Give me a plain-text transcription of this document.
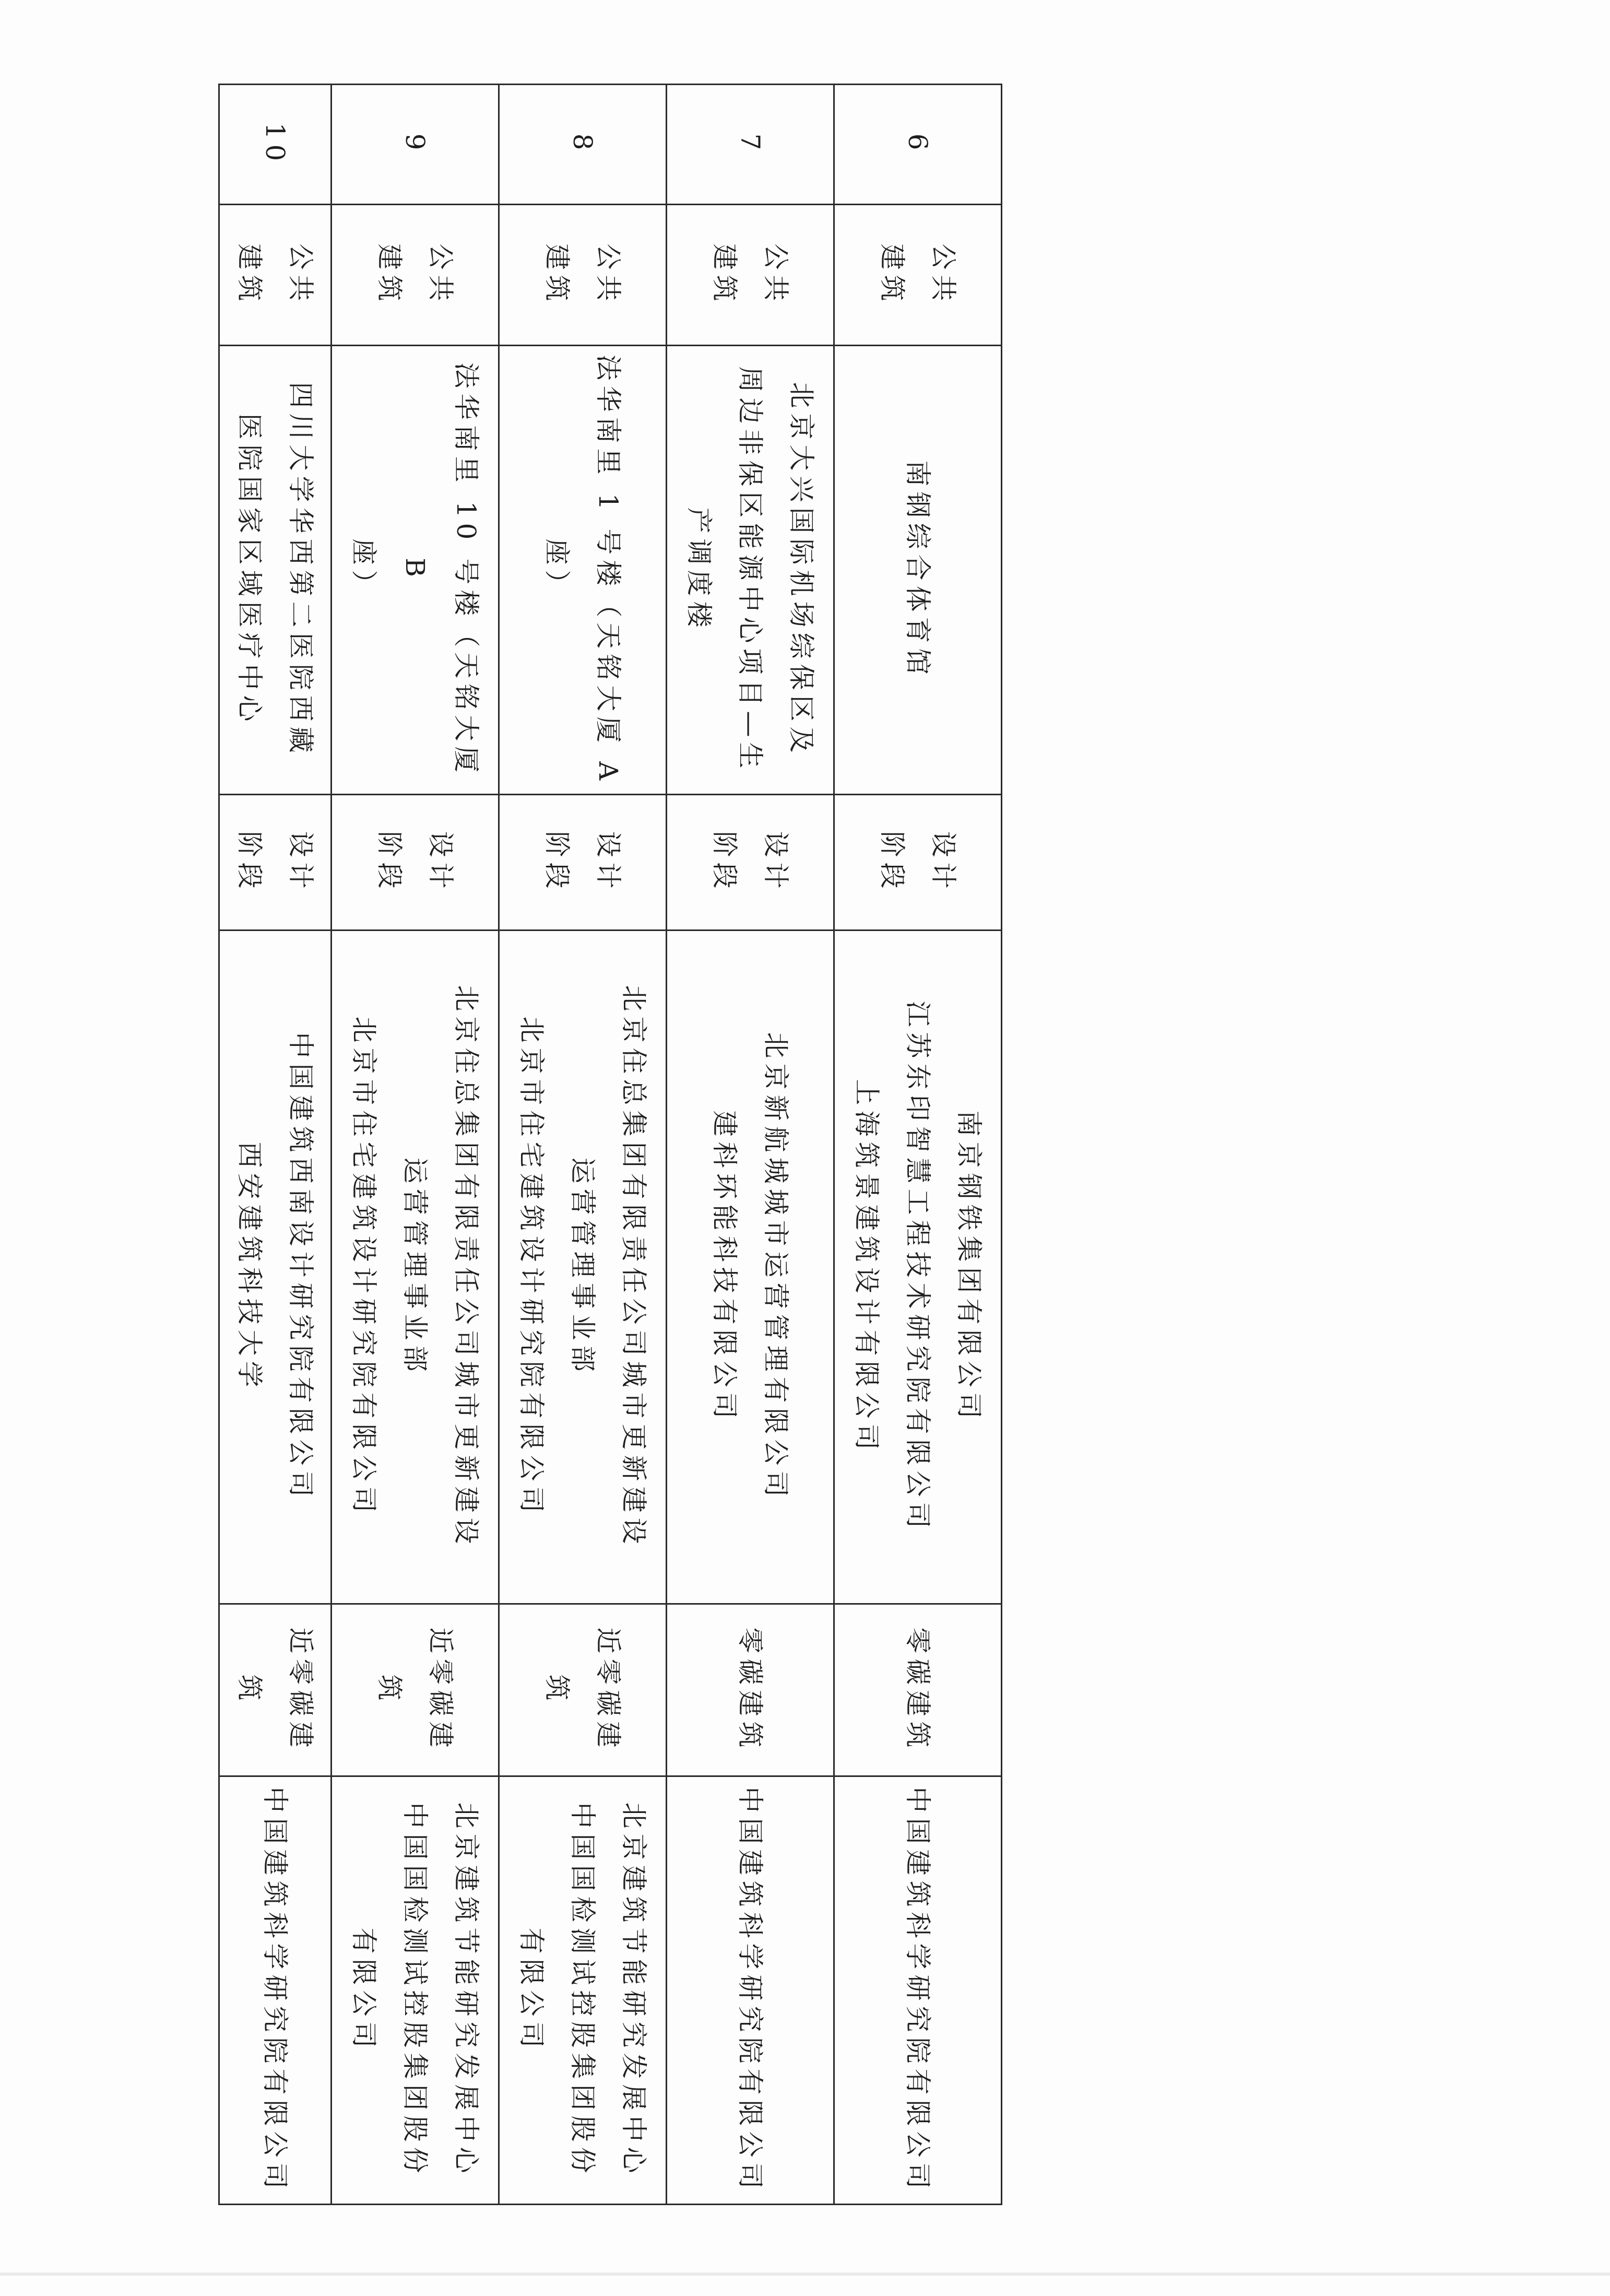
6	公共
建筑	南钢综合体育馆	设计
阶段	南京钢铁集团有限公司
江苏东印智慧工程技术研究院有限公司
上海筑景建筑设计有限公司	零碳建筑	中国建筑科学研究院有限公司

7	公共
建筑	北京大兴国际机场综保区及
周边非保区能源中心项目—生
产调度楼	设计
阶段	北京新航城城市运营管理有限公司
建科环能科技有限公司	零碳建筑	中国建筑科学研究院有限公司

8	公共
建筑	法华南里 1 号楼（天铭大厦 A
座）	设计
阶段	北京住总集团有限责任公司城市更新建设
运营管理事业部
北京市住宅建筑设计研究院有限公司	近零碳建
筑	北京建筑节能研究发展中心
中国国检测试控股集团股份
有限公司

9	公共
建筑	法华南里 10 号楼（天铭大厦 B
座）	设计
阶段	北京住总集团有限责任公司城市更新建设
运营管理事业部
北京市住宅建筑设计研究院有限公司	近零碳建
筑	北京建筑节能研究发展中心
中国国检测试控股集团股份
有限公司

10	公共
建筑	四川大学华西第二医院西藏
医院国家区域医疗中心	设计
阶段	中国建筑西南设计研究院有限公司
西安建筑科技大学	近零碳建
筑	中国建筑科学研究院有限公司
